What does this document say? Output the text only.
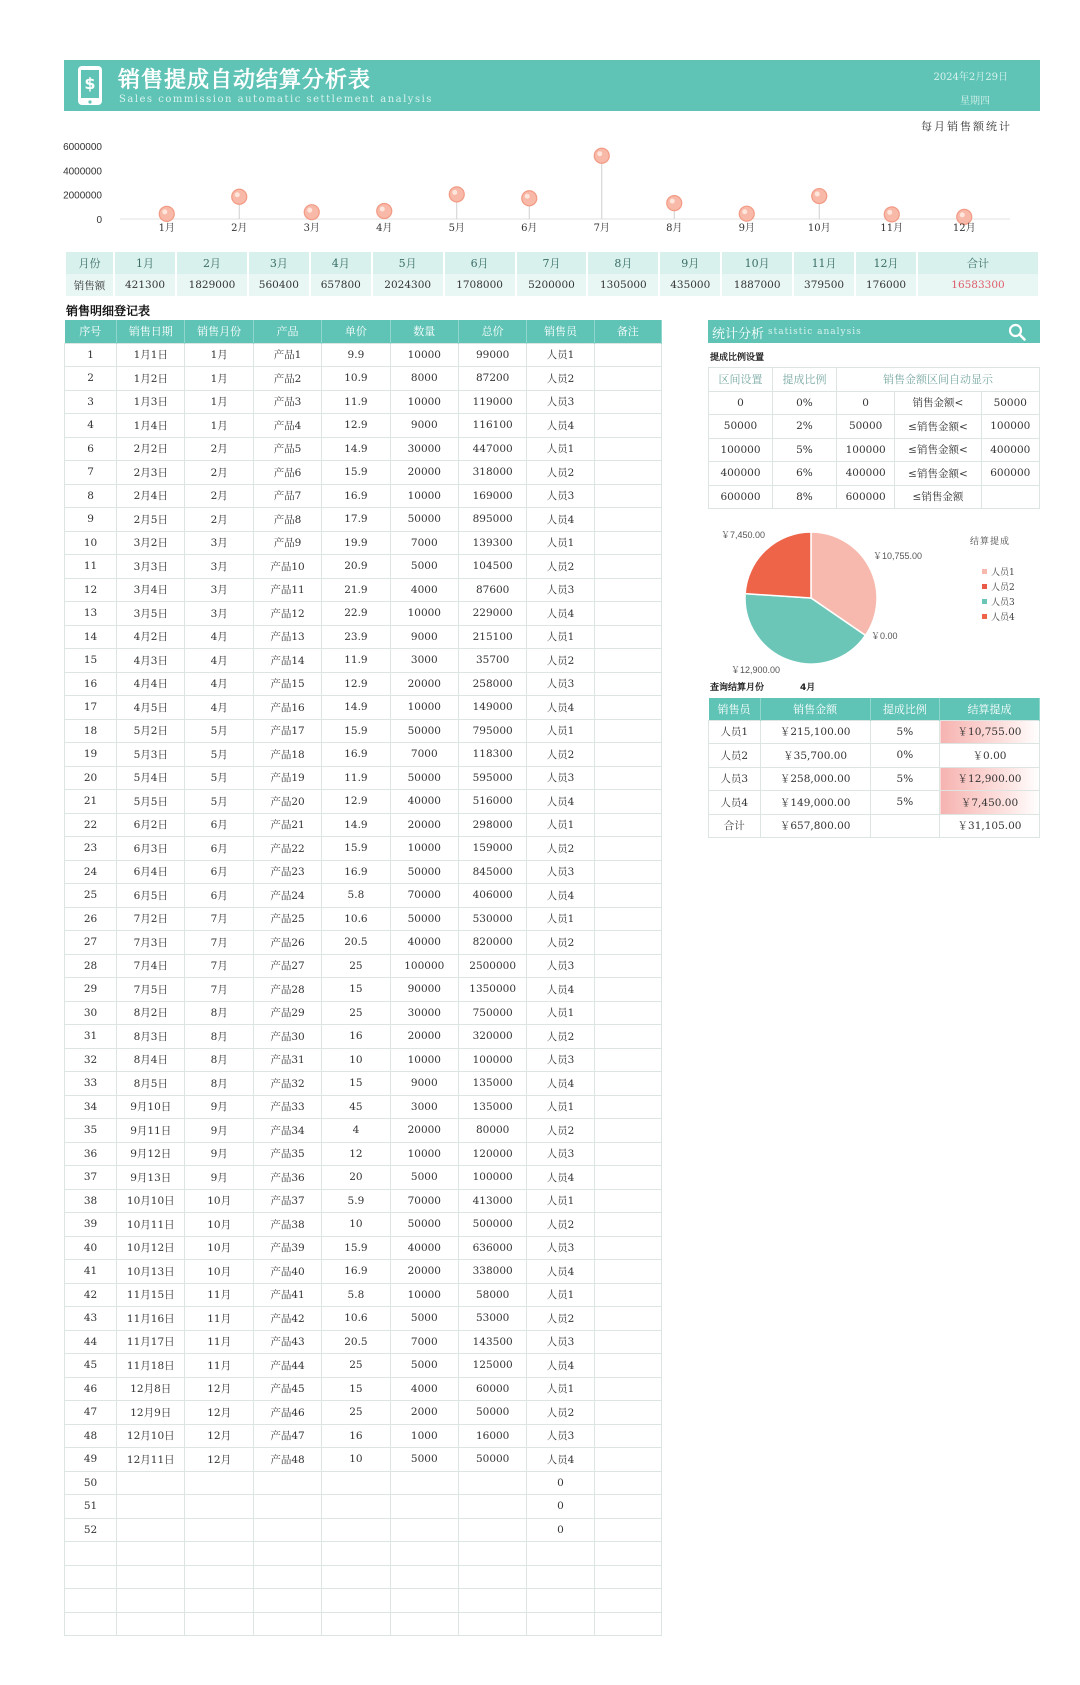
$ 销售提成自动结算分析表
Sales commission automatic settlement analysis
2024年2月29日
星期四
每月销售额统计
6000000
4000000
2000000
0
1月	2月	3月	4月	5月	6月	7月	8月	9月	10月	11月	12月
月份	1月	2月	3月	4月	5月	6月	7月	8月	9月	10月	11月	12月	合计
销售额	421300	1829000	560400	657800	2024300	1708000	5200000	1305000	435000	1887000	379500	176000	16583300
销售明细登记表
序号	销售日期	销售月份	产品	单价	数量	总价	销售员	备注
1	1月1日	1月	产品1	9.9	10000	99000	人员1	
2	1月2日	1月	产品2	10.9	8000	87200	人员2	
3	1月3日	1月	产品3	11.9	10000	119000	人员3	
4	1月4日	1月	产品4	12.9	9000	116100	人员4	
6	2月2日	2月	产品5	14.9	30000	447000	人员1	
7	2月3日	2月	产品6	15.9	20000	318000	人员2	
8	2月4日	2月	产品7	16.9	10000	169000	人员3	
9	2月5日	2月	产品8	17.9	50000	895000	人员4	
10	3月2日	3月	产品9	19.9	7000	139300	人员1	
11	3月3日	3月	产品10	20.9	5000	104500	人员2	
12	3月4日	3月	产品11	21.9	4000	87600	人员3	
13	3月5日	3月	产品12	22.9	10000	229000	人员4	
14	4月2日	4月	产品13	23.9	9000	215100	人员1	
15	4月3日	4月	产品14	11.9	3000	35700	人员2	
16	4月4日	4月	产品15	12.9	20000	258000	人员3	
17	4月5日	4月	产品16	14.9	10000	149000	人员4	
18	5月2日	5月	产品17	15.9	50000	795000	人员1	
19	5月3日	5月	产品18	16.9	7000	118300	人员2	
20	5月4日	5月	产品19	11.9	50000	595000	人员3	
21	5月5日	5月	产品20	12.9	40000	516000	人员4	
22	6月2日	6月	产品21	14.9	20000	298000	人员1	
23	6月3日	6月	产品22	15.9	10000	159000	人员2	
24	6月4日	6月	产品23	16.9	50000	845000	人员3	
25	6月5日	6月	产品24	5.8	70000	406000	人员4	
26	7月2日	7月	产品25	10.6	50000	530000	人员1	
27	7月3日	7月	产品26	20.5	40000	820000	人员2	
28	7月4日	7月	产品27	25	100000	2500000	人员3	
29	7月5日	7月	产品28	15	90000	1350000	人员4	
30	8月2日	8月	产品29	25	30000	750000	人员1	
31	8月3日	8月	产品30	16	20000	320000	人员2	
32	8月4日	8月	产品31	10	10000	100000	人员3	
33	8月5日	8月	产品32	15	9000	135000	人员4	
34	9月10日	9月	产品33	45	3000	135000	人员1	
35	9月11日	9月	产品34	4	20000	80000	人员2	
36	9月12日	9月	产品35	12	10000	120000	人员3	
37	9月13日	9月	产品36	20	5000	100000	人员4	
38	10月10日	10月	产品37	5.9	70000	413000	人员1	
39	10月11日	10月	产品38	10	50000	500000	人员2	
40	10月12日	10月	产品39	15.9	40000	636000	人员3	
41	10月13日	10月	产品40	16.9	20000	338000	人员4	
42	11月15日	11月	产品41	5.8	10000	58000	人员1	
43	11月16日	11月	产品42	10.6	5000	53000	人员2	
44	11月17日	11月	产品43	20.5	7000	143500	人员3	
45	11月18日	11月	产品44	25	5000	125000	人员4	
46	12月8日	12月	产品45	15	4000	60000	人员1	
47	12月9日	12月	产品46	25	2000	50000	人员2	
48	12月10日	12月	产品47	16	1000	16000	人员3	
49	12月11日	12月	产品48	10	5000	50000	人员4	
50							0	
51							0	
52							0	

统计分析 statistic analysis
提成比例设置
区间设置	提成比例	销售金额区间自动显示		
0	0%	0	销售金额<	50000
50000	2%	50000	≤销售金额<	100000
100000	5%	100000	≤销售金额<	400000
400000	6%	400000	≤销售金额<	600000
600000	8%	600000	≤销售金额	
￥10,755.00
￥0.00
￥12,900.00
￥7,450.00
结算提成
人员1
人员2
人员3
人员4
查询结算月份	4月
销售员	销售金额	提成比例	结算提成
人员1	￥215,100.00	5%	￥10,755.00
人员2	￥35,700.00	0%	￥0.00
人员3	￥258,000.00	5%	￥12,900.00
人员4	￥149,000.00	5%	￥7,450.00
合计	￥657,800.00		￥31,105.00
